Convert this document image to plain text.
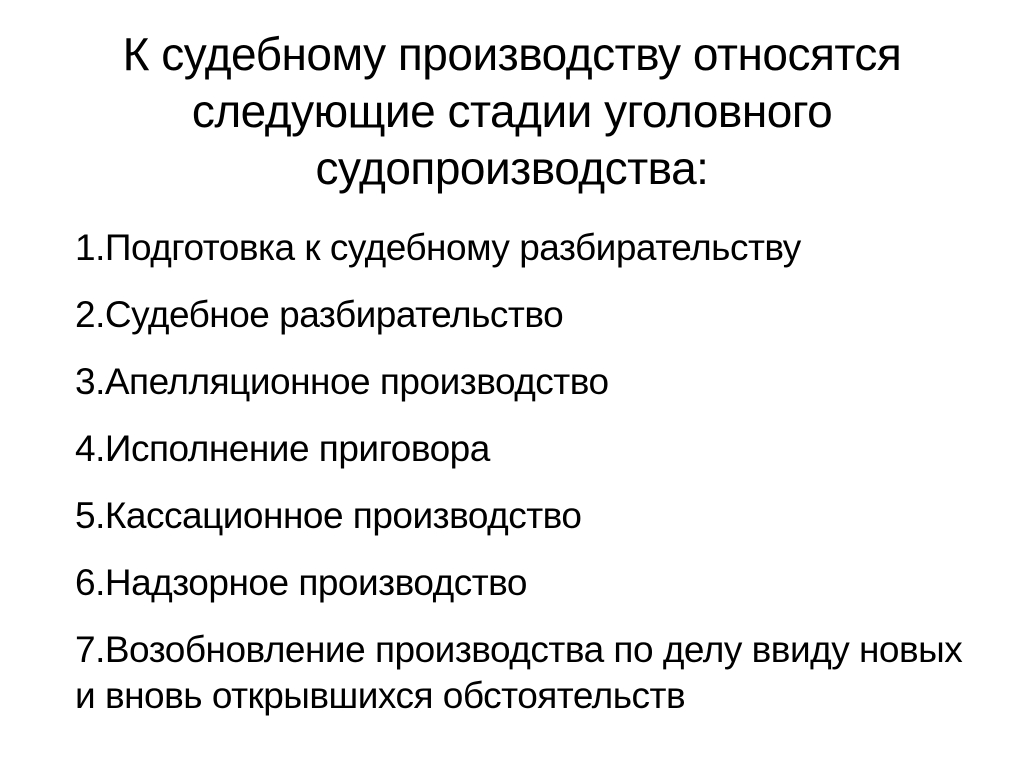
К судебному производству относятся
следующие стадии уголовного
судопроизводства:
1.Подготовка к судебному разбирательству
2.Судебное разбирательство
3.Апелляционное производство
4.Исполнение приговора
5.Кассационное производство
6.Надзорное производство
7.Возобновление производства по делу ввиду новых и вновь открывшихся обстоятельств
